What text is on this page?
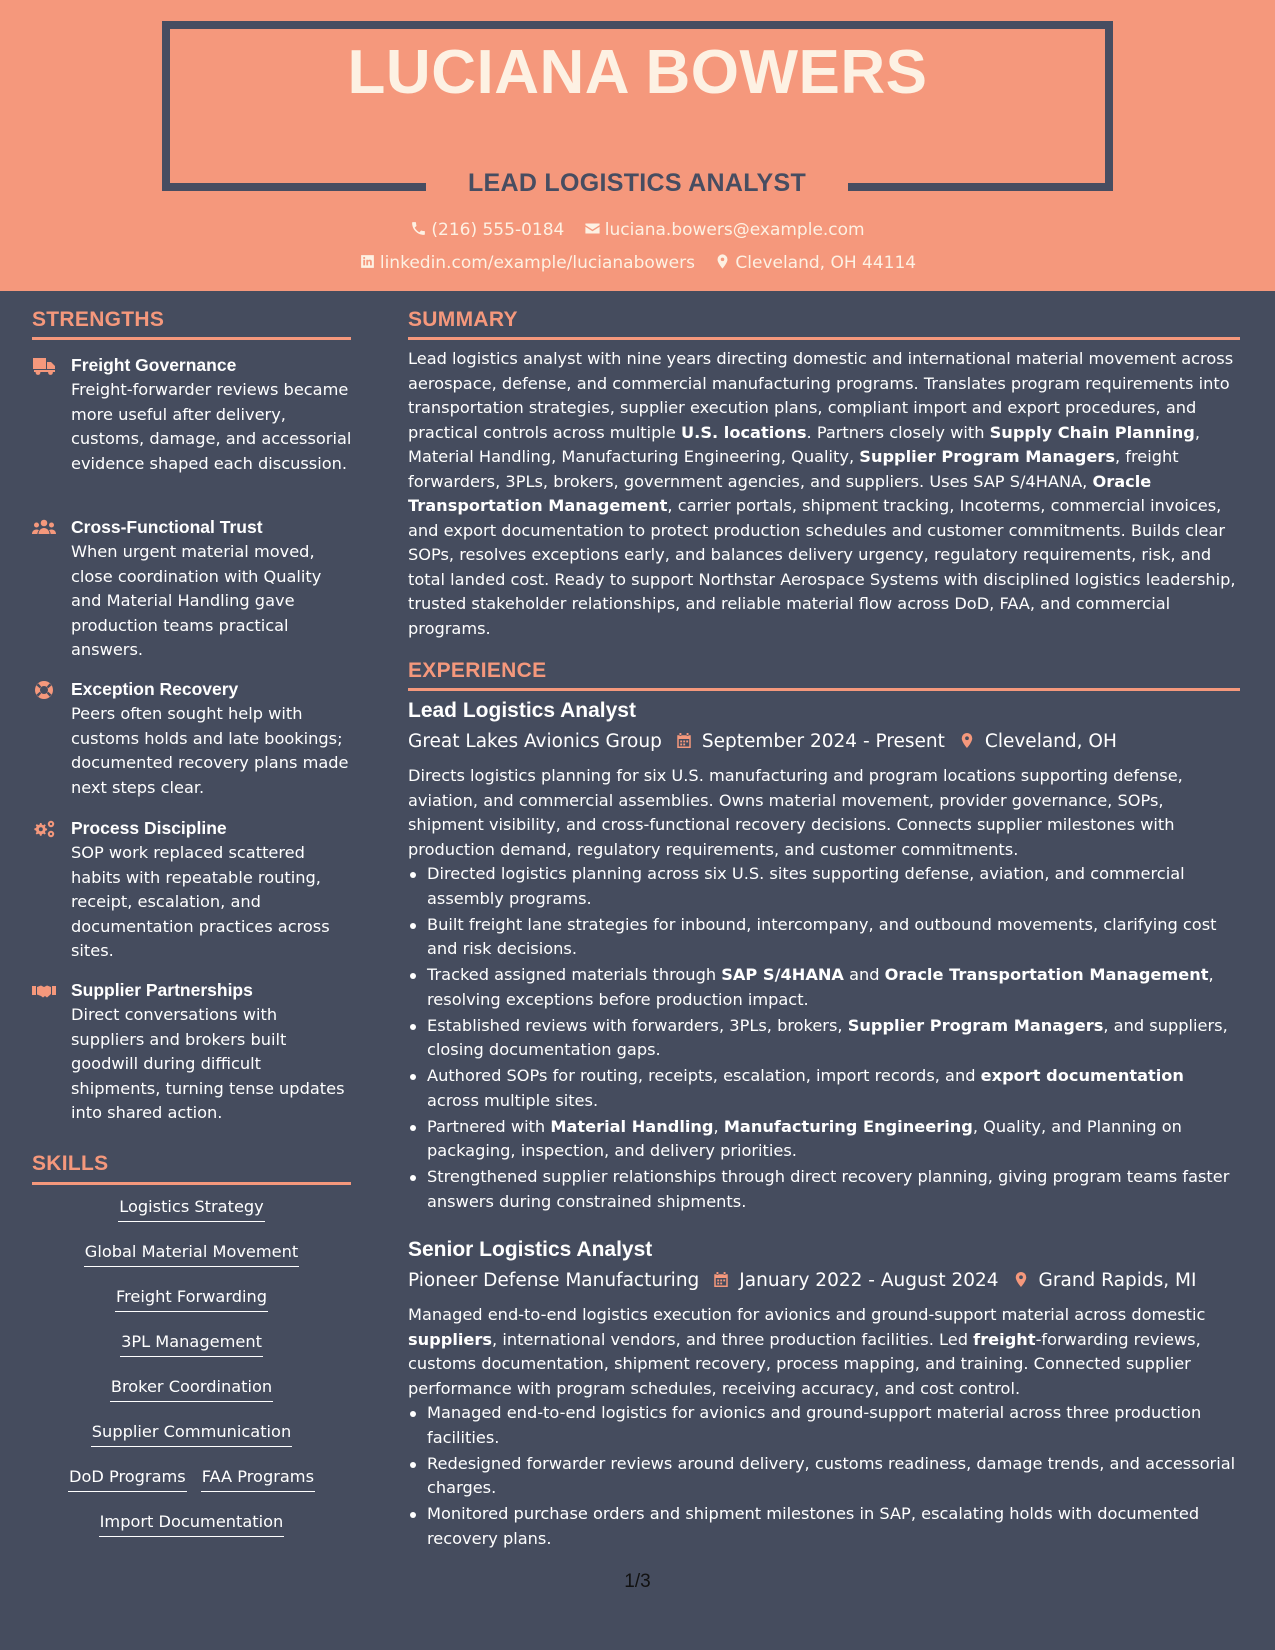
LUCIANA BOWERS
LEAD LOGISTICS ANALYST
(216) 555-0184 luciana.bowers@example.com
linkedin.com/example/lucianabowers Cleveland, OH 44114
STRENGTHS
Freight Governance
Freight-forwarder reviews became more useful after delivery, customs, damage, and accessorial evidence shaped each discussion.
Cross-Functional Trust
When urgent material moved, close coordination with Quality and Material Handling gave production teams practical answers.
Exception Recovery
Peers often sought help with customs holds and late bookings; documented recovery plans made next steps clear.
Process Discipline
SOP work replaced scattered habits with repeatable routing, receipt, escalation, and documentation practices across sites.
Supplier Partnerships
Direct conversations with suppliers and brokers built goodwill during difficult shipments, turning tense updates into shared action.
SKILLS
Logistics Strategy
Global Material Movement
Freight Forwarding
3PL Management
Broker Coordination
Supplier Communication
DoD Programs FAA Programs
Import Documentation
SUMMARY
Lead logistics analyst with nine years directing domestic and international material movement across aerospace, defense, and commercial manufacturing programs. Translates program requirements into transportation strategies, supplier execution plans, compliant import and export procedures, and practical controls across multiple U.S. locations. Partners closely with Supply Chain Planning, Material Handling, Manufacturing Engineering, Quality, Supplier Program Managers, freight forwarders, 3PLs, brokers, government agencies, and suppliers. Uses SAP S/4HANA, Oracle Transportation Management, carrier portals, shipment tracking, Incoterms, commercial invoices, and export documentation to protect production schedules and customer commitments. Builds clear SOPs, resolves exceptions early, and balances delivery urgency, regulatory requirements, risk, and total landed cost. Ready to support Northstar Aerospace Systems with disciplined logistics leadership, trusted stakeholder relationships, and reliable material flow across DoD, FAA, and commercial programs.
EXPERIENCE
Lead Logistics Analyst
Great Lakes Avionics Group September 2024 - Present Cleveland, OH
Directs logistics planning for six U.S. manufacturing and program locations supporting defense, aviation, and commercial assemblies. Owns material movement, provider governance, SOPs, shipment visibility, and cross-functional recovery decisions. Connects supplier milestones with production demand, regulatory requirements, and customer commitments.
Directed logistics planning across six U.S. sites supporting defense, aviation, and commercial assembly programs.
Built freight lane strategies for inbound, intercompany, and outbound movements, clarifying cost and risk decisions.
Tracked assigned materials through SAP S/4HANA and Oracle Transportation Management, resolving exceptions before production impact.
Established reviews with forwarders, 3PLs, brokers, Supplier Program Managers, and suppliers, closing documentation gaps.
Authored SOPs for routing, receipts, escalation, import records, and export documentation across multiple sites.
Partnered with Material Handling, Manufacturing Engineering, Quality, and Planning on packaging, inspection, and delivery priorities.
Strengthened supplier relationships through direct recovery planning, giving program teams faster answers during constrained shipments.
Senior Logistics Analyst
Pioneer Defense Manufacturing January 2022 - August 2024 Grand Rapids, MI
Managed end-to-end logistics execution for avionics and ground-support material across domestic suppliers, international vendors, and three production facilities. Led freight-forwarding reviews, customs documentation, shipment recovery, process mapping, and training. Connected supplier performance with program schedules, receiving accuracy, and cost control.
Managed end-to-end logistics for avionics and ground-support material across three production facilities.
Redesigned forwarder reviews around delivery, customs readiness, damage trends, and accessorial charges.
Monitored purchase orders and shipment milestones in SAP, escalating holds with documented recovery plans.
1/3
